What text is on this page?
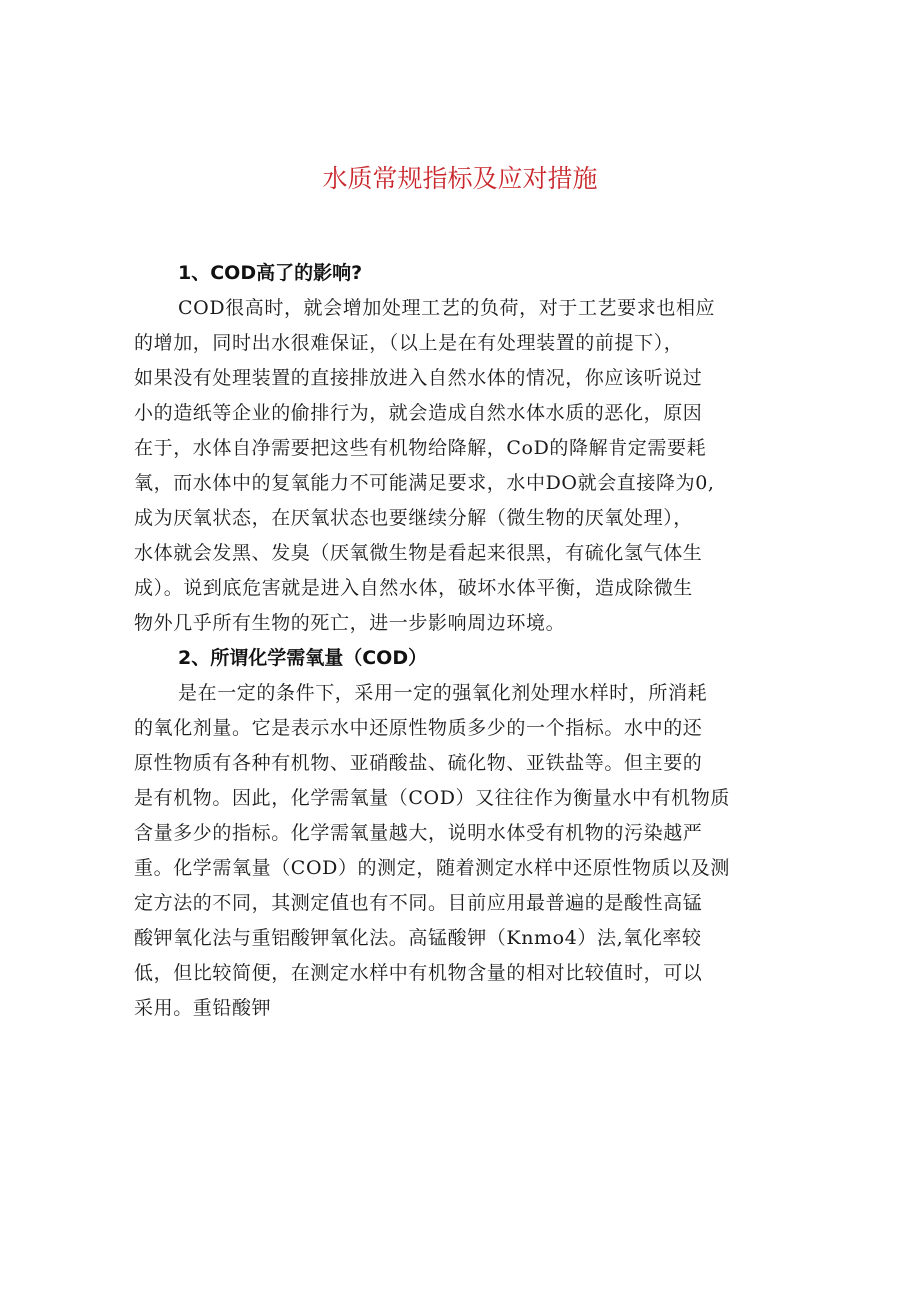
水质常规指标及应对措施

1、COD高了的影响?

COD很高时，就会增加处理工艺的负荷，对于工艺要求也相应

的增加，同时出水很难保证，（以上是在有处理装置的前提下），

如果没有处理装置的直接排放进入自然水体的情况，你应该听说过

小的造纸等企业的偷排行为，就会造成自然水体水质的恶化，原因

在于，水体自净需要把这些有机物给降解，CoD的降解肯定需要耗

氧，而水体中的复氧能力不可能满足要求，水中DO就会直接降为0,

成为厌氧状态，在厌氧状态也要继续分解（微生物的厌氧处理），

水体就会发黑、发臭（厌氧微生物是看起来很黑，有硫化氢气体生

成）。说到底危害就是进入自然水体，破坏水体平衡，造成除微生

物外几乎所有生物的死亡，进一步影响周边环境。

2、所谓化学需氧量（COD）

是在一定的条件下，采用一定的强氧化剂处理水样时，所消耗

的氧化剂量。它是表示水中还原性物质多少的一个指标。水中的还

原性物质有各种有机物、亚硝酸盐、硫化物、亚铁盐等。但主要的

是有机物。因此，化学需氧量（COD）又往往作为衡量水中有机物质

含量多少的指标。化学需氧量越大，说明水体受有机物的污染越严

重。化学需氧量（COD）的测定，随着测定水样中还原性物质以及测

定方法的不同，其测定值也有不同。目前应用最普遍的是酸性高锰

酸钾氧化法与重铝酸钾氧化法。高锰酸钾（Knmo4）法,氧化率较

低，但比较简便，在测定水样中有机物含量的相对比较值时，可以

采用。重铅酸钾
